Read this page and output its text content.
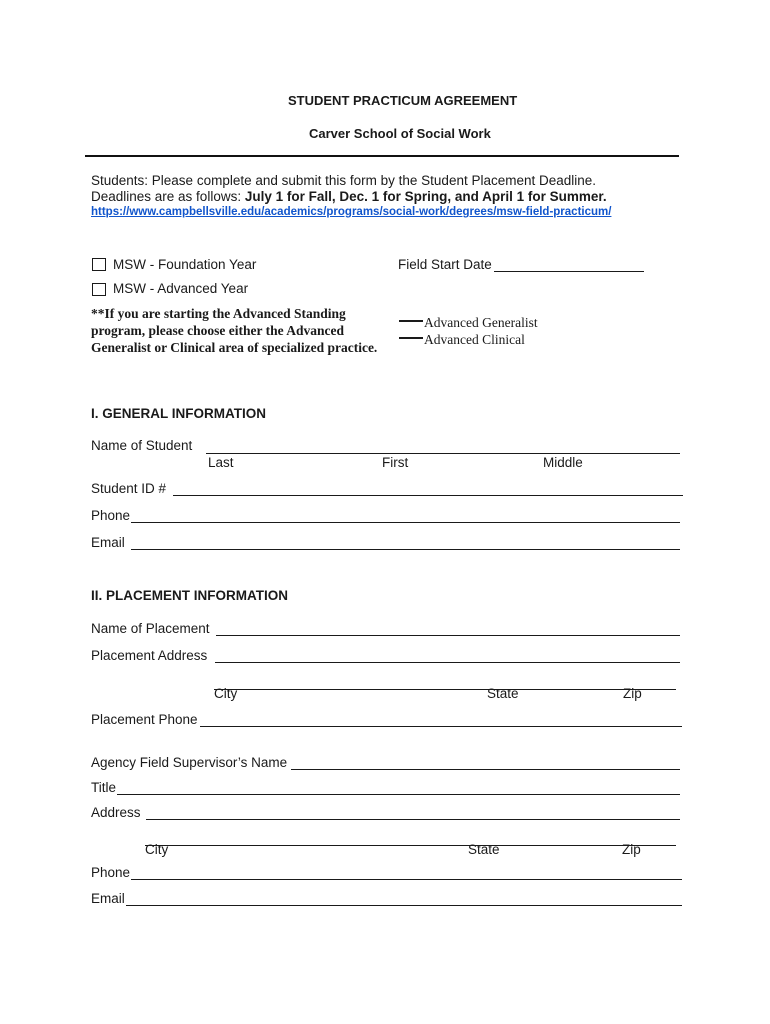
STUDENT PRACTICUM AGREEMENT
Carver School of Social Work
Students: Please complete and submit this form by the Student Placement Deadline.
Deadlines are as follows: July 1 for Fall, Dec. 1 for Spring, and April 1 for Summer.
https://www.campbellsville.edu/academics/programs/social-work/degrees/msw-field-practicum/
MSW - Foundation Year
MSW - Advanced Year
Field Start Date
**If you are starting the Advanced Standing program, please choose either the Advanced Generalist or Clinical area of specialized practice.
Advanced Generalist
Advanced Clinical
I. GENERAL INFORMATION
Name of Student
Last	First	Middle
Student ID #
Phone
Email
II. PLACEMENT INFORMATION
Name of Placement
Placement Address
City	State	Zip
Placement Phone
Agency Field Supervisor’s Name
Title
Address
City	State	Zip
Phone
Email
